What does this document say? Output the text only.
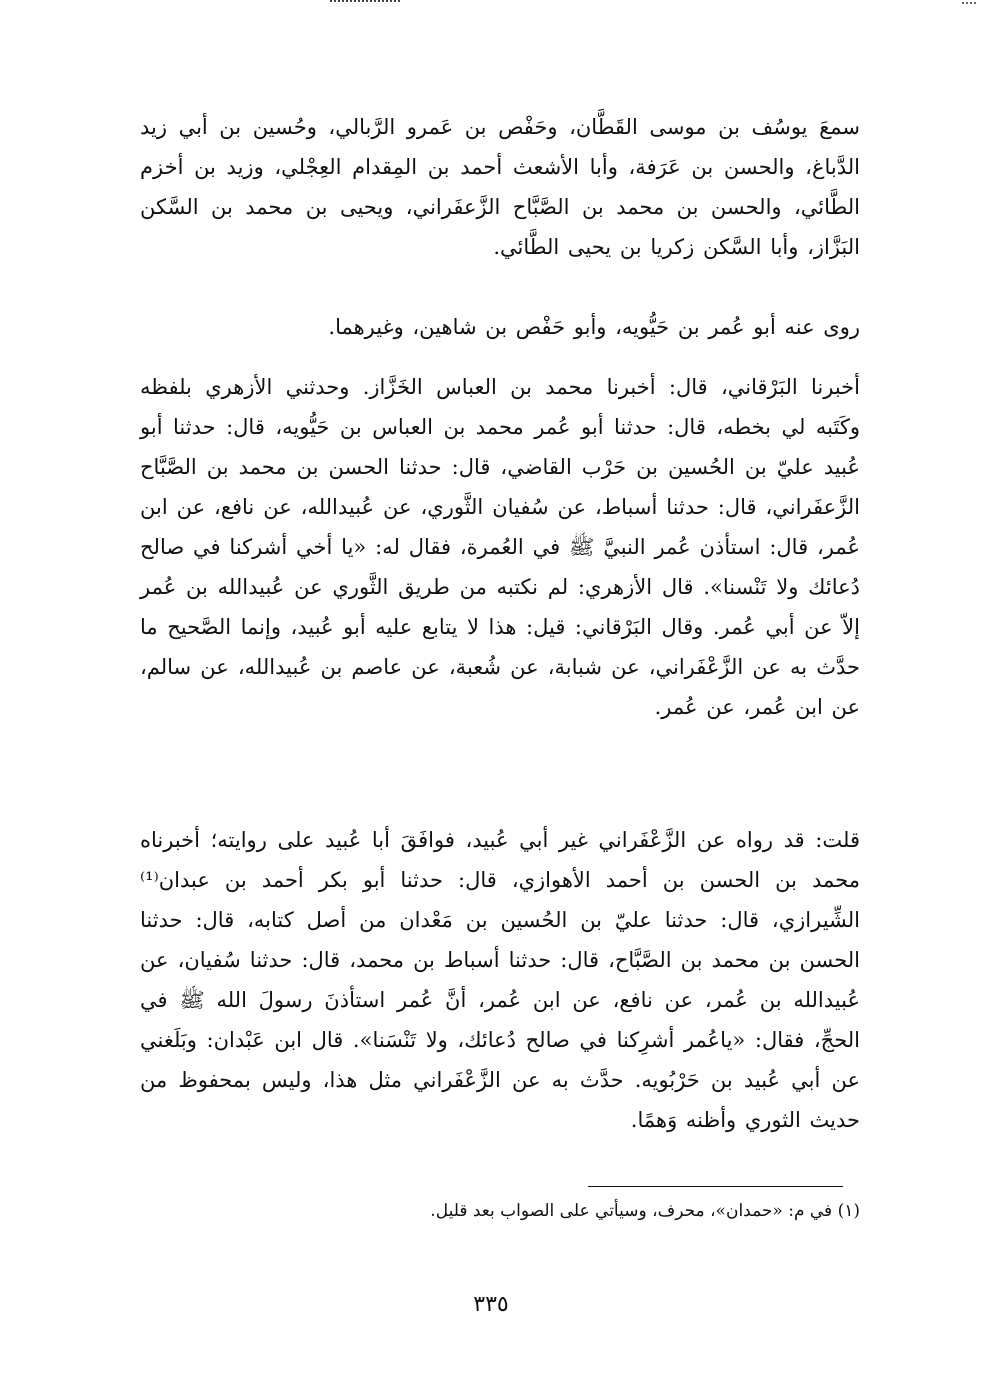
سمعَ يوسُف بن موسى القَطَّان، وحَفْص بن عَمرو الرَّبالي، وحُسين بن أبي زيد الدَّباغ، والحسن بن عَرَفة، وأبا الأشعث أحمد بن المِقدام العِجْلي، وزيد بن أخزم الطَّائي، والحسن بن محمد بن الصَّبَّاح الزَّعفَراني، ويحيى بن محمد بن السَّكن البَزَّاز، وأبا السَّكن زكريا بن يحيى الطَّائي.

روى عنه أبو عُمر بن حَيُّويه، وأبو حَفْص بن شاهين، وغيرهما.

أخبرنا البَرْقاني، قال: أخبرنا محمد بن العباس الخَزَّاز. وحدثني الأزهري بلفظه وكَتَبه لي بخطه، قال: حدثنا أبو عُمر محمد بن العباس بن حَيُّويه، قال: حدثنا أبو عُبيد عليّ بن الحُسين بن حَرْب القاضي، قال: حدثنا الحسن بن محمد بن الصَّبَّاح الزَّعفَراني، قال: حدثنا أسباط، عن سُفيان الثَّوري، عن عُبيدالله، عن نافع، عن ابن عُمر، قال: استأذن عُمر النبيَّ ﷺ في العُمرة، فقال له: «يا أخي أشركنا في صالح دُعائك ولا تَنْسنا». قال الأزهري: لم نكتبه من طريق الثَّوري عن عُبيدالله بن عُمر إلاّ عن أبي عُمر. وقال البَرْقاني: قيل: هذا لا يتابع عليه أبو عُبيد، وإنما الصَّحيح ما حدَّث به عن الزَّعْفَراني، عن شبابة، عن شُعبة، عن عاصم بن عُبيدالله، عن سالم، عن ابن عُمر، عن عُمر.

قلت: قد رواه عن الزَّعْفَراني غير أبي عُبيد، فوافَقَ أبا عُبيد على روايته؛ أخبرناه محمد بن الحسن بن أحمد الأهوازي، قال: حدثنا أبو بكر أحمد بن عبدان⁽¹⁾ الشِّيرازي، قال: حدثنا عليّ بن الحُسين بن مَعْدان من أصل كتابه، قال: حدثنا الحسن بن محمد بن الصَّبَّاح، قال: حدثنا أسباط بن محمد، قال: حدثنا سُفيان، عن عُبيدالله بن عُمر، عن نافع، عن ابن عُمر، أنَّ عُمر استأذنَ رسولَ الله ﷺ في الحجِّ، فقال: «ياعُمر أشرِكنا في صالح دُعائك، ولا تَنْسَنا». قال ابن عَبْدان: وبَلَغني عن أبي عُبيد بن حَرْبُويه. حدَّث به عن الزَّعْفَراني مثل هذا، وليس بمحفوظ من حديث الثوري وأظنه وَهمًا.

(١) في م: «حمدان»، محرف، وسيأتي على الصواب بعد قليل.
٣٣٥
